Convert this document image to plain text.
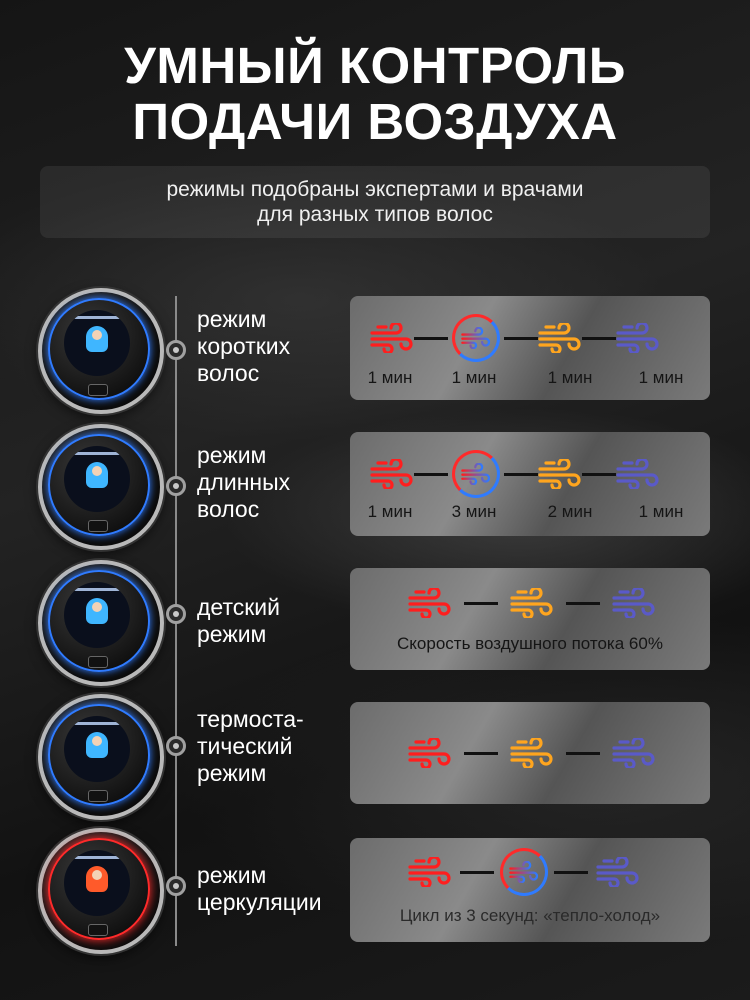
УМНЫЙ КОНТРОЛЬ
ПОДАЧИ ВОЗДУХА
режимы подобраны экспертами и врачами
для разных типов волос
режим
коротких
волос	1 мин	1 мин	1 мин	1 мин
режим
длинных
волос	1 мин	3 мин	2 мин	1 мин
детский
режим	Скорость воздушного потока 60%
термоста-
тический
режим
режим
церкуляции
Цикл из 3 секунд: «тепло-холод»
